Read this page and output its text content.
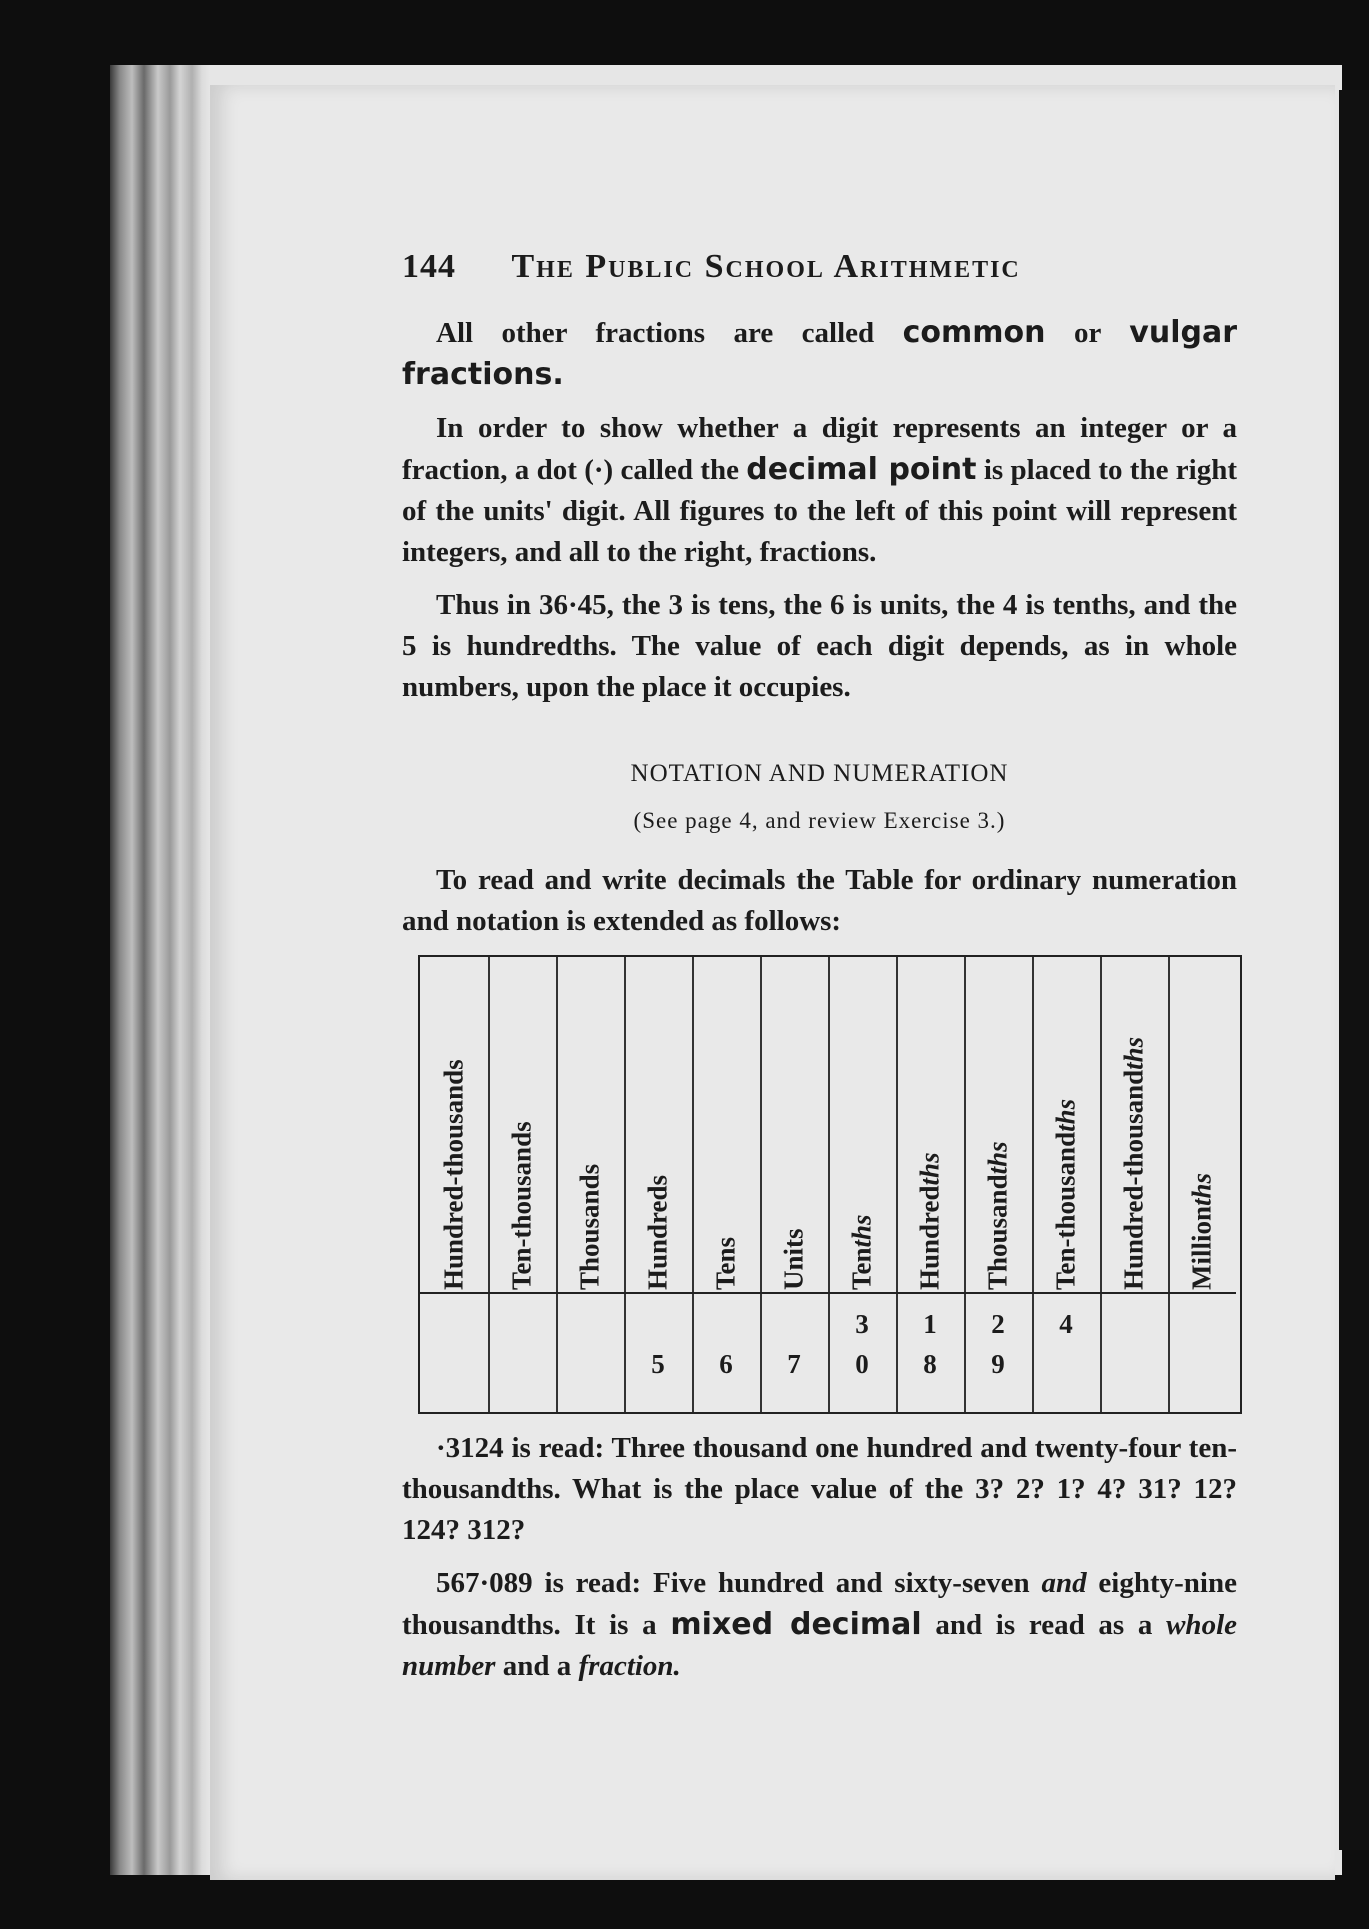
144 The Public School Arithmetic

All other fractions are called common or vulgar fractions.

In order to show whether a digit represents an integer or a fraction, a dot (·) called the decimal point is placed to the right of the units' digit. All figures to the left of this point will represent integers, and all to the right, fractions.

Thus in 36·45, the 3 is tens, the 6 is units, the 4 is tenths, and the 5 is hundredths. The value of each digit depends, as in whole numbers, upon the place it occupies.

NOTATION AND NUMERATION
(See page 4, and review Exercise 3.)

To read and write decimals the Table for ordinary numeration and notation is extended as follows:

Hundred-thousands Ten-thousands Thousands Hundreds
5
Tens
6
Units
7
Tenths
3
0
Hundredths
1
8
Thousandths
2
9
Ten-thousandths
4
Hundred-thousandths
Millionths

·3124 is read: Three thousand one hundred and twenty-four ten-thousandths. What is the place value of the 3? 2? 1? 4? 31? 12? 124? 312?

567·089 is read: Five hundred and sixty-seven and eighty-nine thousandths. It is a mixed decimal and is read as a whole number and a fraction.
